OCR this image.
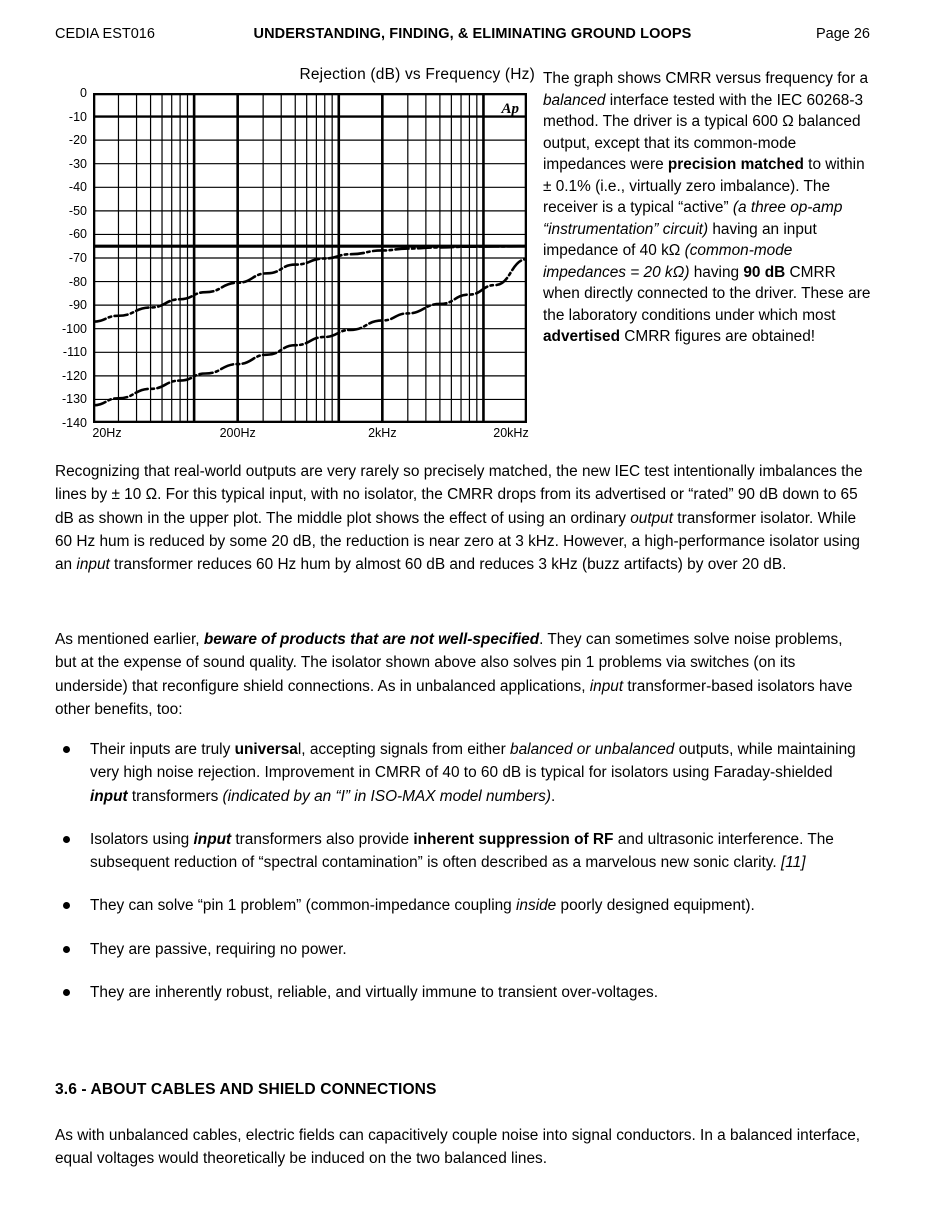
CEDIA EST016	UNDERSTANDING, FINDING, & ELIMINATING GROUND LOOPS	Page 26
Rejection (dB) vs Frequency (Hz)
0
-10
-20
-30
-40
-50
-60
-70
-80
-90
-100
-110
-120
-130
-140
Ap
20Hz	200Hz	2kHz	20kHz
The graph shows CMRR versus frequency for a balanced interface tested with the IEC 60268-3 method. The driver is a typical 600 Ω balanced output, except that its common-mode impedances were precision matched to within ± 0.1% (i.e., virtually zero imbalance). The receiver is a typical “active” (a three op-amp “instrumentation” circuit) having an input impedance of 40 kΩ (common-mode impedances = 20 kΩ) having 90 dB CMRR when directly connected to the driver. These are the laboratory conditions under which most advertised CMRR figures are obtained!
Recognizing that real-world outputs are very rarely so precisely matched, the new IEC test intentionally imbalances the lines by ± 10 Ω. For this typical input, with no isolator, the CMRR drops from its advertised or “rated” 90 dB down to 65 dB as shown in the upper plot. The middle plot shows the effect of using an ordinary output transformer isolator. While 60 Hz hum is reduced by some 20 dB, the reduction is near zero at 3 kHz. However, a high-performance isolator using an input transformer reduces 60 Hz hum by almost 60 dB and reduces 3 kHz (buzz artifacts) by over 20 dB.
As mentioned earlier, beware of products that are not well-specified. They can sometimes solve noise problems, but at the expense of sound quality. The isolator shown above also solves pin 1 problems via switches (on its underside) that reconfigure shield connections. As in unbalanced applications, input transformer-based isolators have other benefits, too:
Their inputs are truly universal, accepting signals from either balanced or unbalanced outputs, while maintaining very high noise rejection. Improvement in CMRR of 40 to 60 dB is typical for isolators using Faraday-shielded input transformers (indicated by an “I” in ISO-MAX model numbers).
Isolators using input transformers also provide inherent suppression of RF and ultrasonic interference. The subsequent reduction of “spectral contamination” is often described as a marvelous new sonic clarity. [11]
They can solve “pin 1 problem” (common-impedance coupling inside poorly designed equipment).
They are passive, requiring no power.
They are inherently robust, reliable, and virtually immune to transient over-voltages.
3.6 - ABOUT CABLES AND SHIELD CONNECTIONS
As with unbalanced cables, electric fields can capacitively couple noise into signal conductors. In a balanced interface, equal voltages would theoretically be induced on the two balanced lines.
